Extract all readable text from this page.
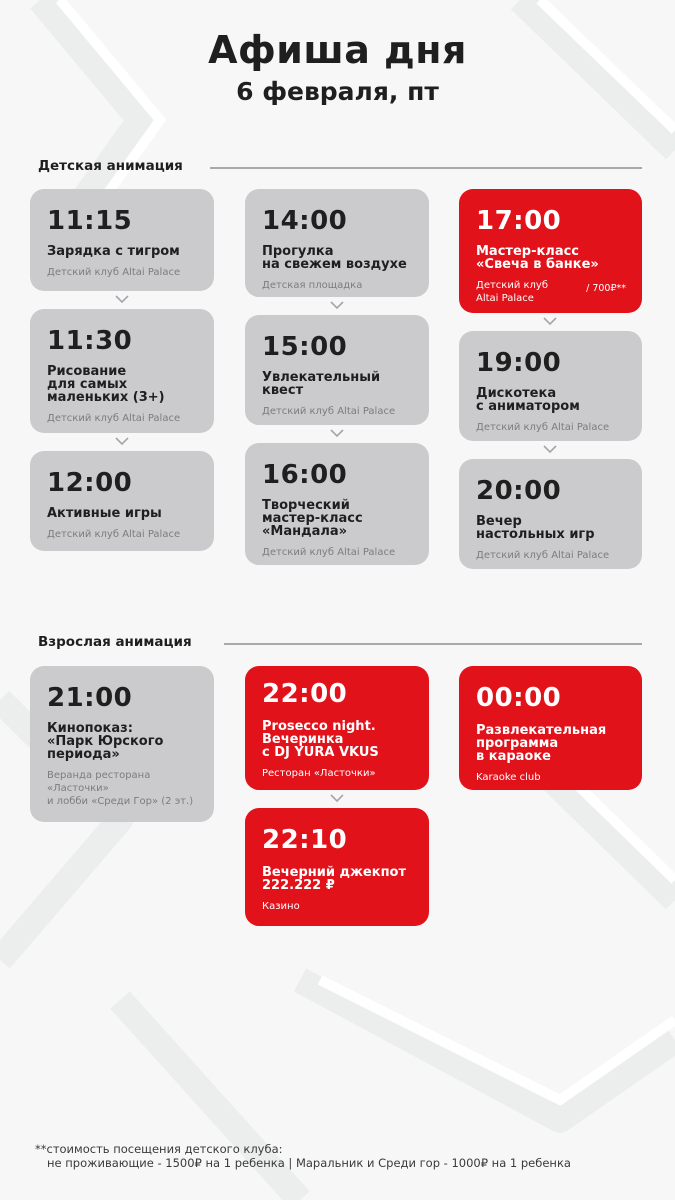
Афиша дня
6 февраля, пт
Детская анимация
11:15
Зарядка с тигром
Детский клуб Altai Palace
11:30
Рисование
для самых
маленьких (3+)
Детский клуб Altai Palace
12:00
Активные игры
Детский клуб Altai Palace
14:00
Прогулка
на свежем воздухе
Детская площадка
15:00
Увлекательный
квест
Детский клуб Altai Palace
16:00
Творческий
мастер-класс
«Мандала»
Детский клуб Altai Palace
17:00
Мастер-класс
«Свеча в банке»
Детский клуб
Altai Palace
/ 700₽**
19:00
Дискотека
с аниматором
Детский клуб Altai Palace
20:00
Вечер
настольных игр
Детский клуб Altai Palace
Взрослая анимация
21:00
Кинопоказ:
«Парк Юрского
периода»
Веранда ресторана
«Ласточки»
и лобби «Среди Гор» (2 эт.)
22:00
Prosecco night.
Вечеринка
с DJ YURA VKUS
Ресторан «Ласточки»
22:10
Вечерний джекпот
222.222 ₽
Казино
00:00
Развлекательная
программа
в караоке
Karaoke club
**стоимость посещения детского клуба:
не проживающие - 1500₽ на 1 ребенка | Маральник и Среди гор - 1000₽ на 1 ребенка
